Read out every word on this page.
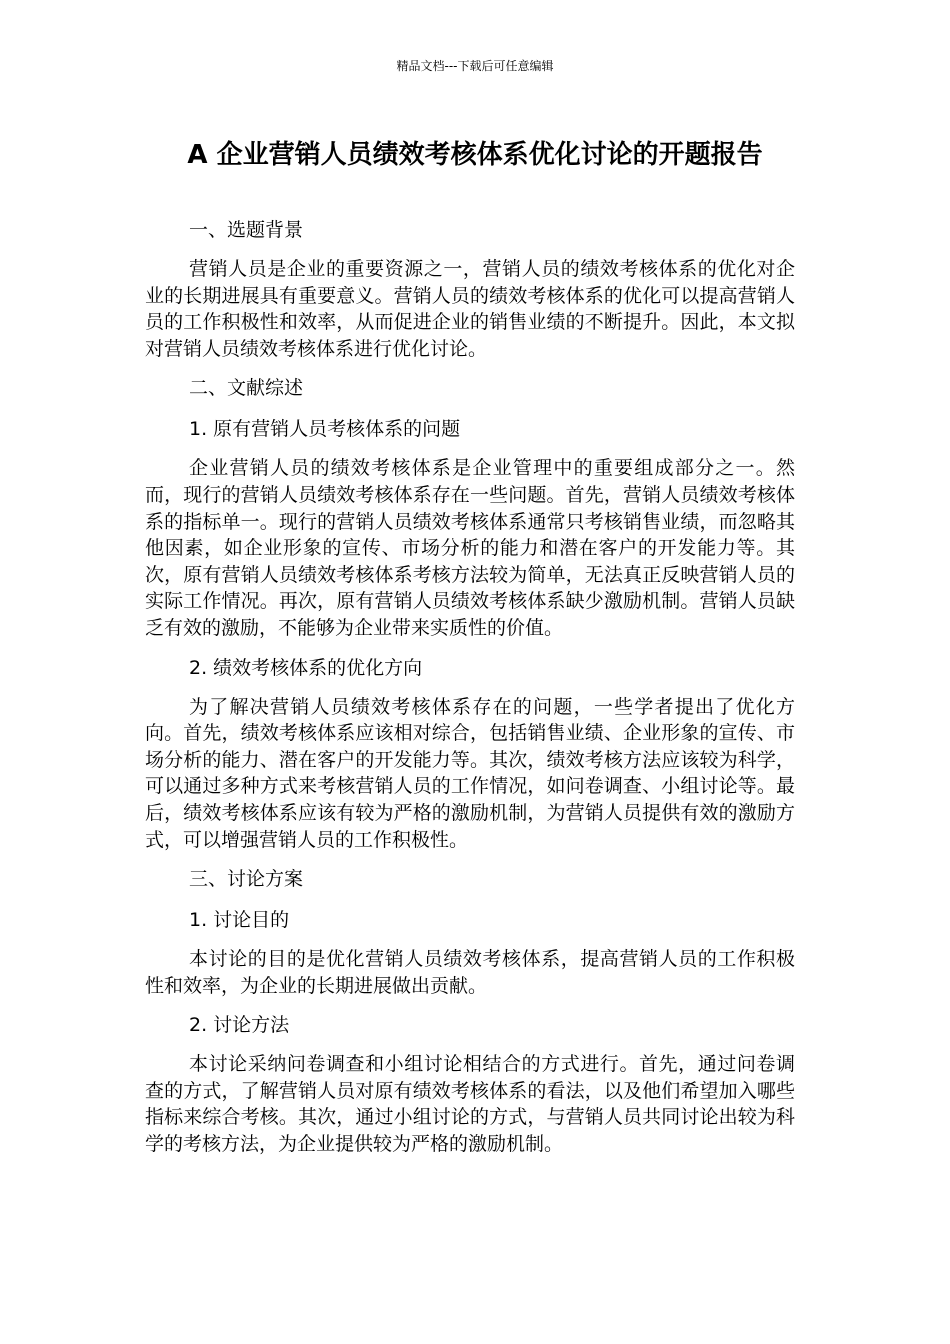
精品文档---下载后可任意编辑
A 企业营销人员绩效考核体系优化讨论的开题报告
一、选题背景
营销人员是企业的重要资源之一，营销人员的绩效考核体系的优化对企业的长期进展具有重要意义。营销人员的绩效考核体系的优化可以提高营销人员的工作积极性和效率，从而促进企业的销售业绩的不断提升。因此，本文拟对营销人员绩效考核体系进行优化讨论。
二、文献综述
1. 原有营销人员考核体系的问题
企业营销人员的绩效考核体系是企业管理中的重要组成部分之一。然而，现行的营销人员绩效考核体系存在一些问题。首先，营销人员绩效考核体系的指标单一。现行的营销人员绩效考核体系通常只考核销售业绩，而忽略其他因素，如企业形象的宣传、市场分析的能力和潜在客户的开发能力等。其次，原有营销人员绩效考核体系考核方法较为简单，无法真正反映营销人员的实际工作情况。再次，原有营销人员绩效考核体系缺少激励机制。营销人员缺乏有效的激励，不能够为企业带来实质性的价值。
2. 绩效考核体系的优化方向
为了解决营销人员绩效考核体系存在的问题，一些学者提出了优化方向。首先，绩效考核体系应该相对综合，包括销售业绩、企业形象的宣传、市场分析的能力、潜在客户的开发能力等。其次，绩效考核方法应该较为科学，可以通过多种方式来考核营销人员的工作情况，如问卷调查、小组讨论等。最后，绩效考核体系应该有较为严格的激励机制，为营销人员提供有效的激励方式，可以增强营销人员的工作积极性。
三、讨论方案
1. 讨论目的
本讨论的目的是优化营销人员绩效考核体系，提高营销人员的工作积极性和效率，为企业的长期进展做出贡献。
2. 讨论方法
本讨论采纳问卷调查和小组讨论相结合的方式进行。首先，通过问卷调查的方式，了解营销人员对原有绩效考核体系的看法，以及他们希望加入哪些指标来综合考核。其次，通过小组讨论的方式，与营销人员共同讨论出较为科学的考核方法，为企业提供较为严格的激励机制。
